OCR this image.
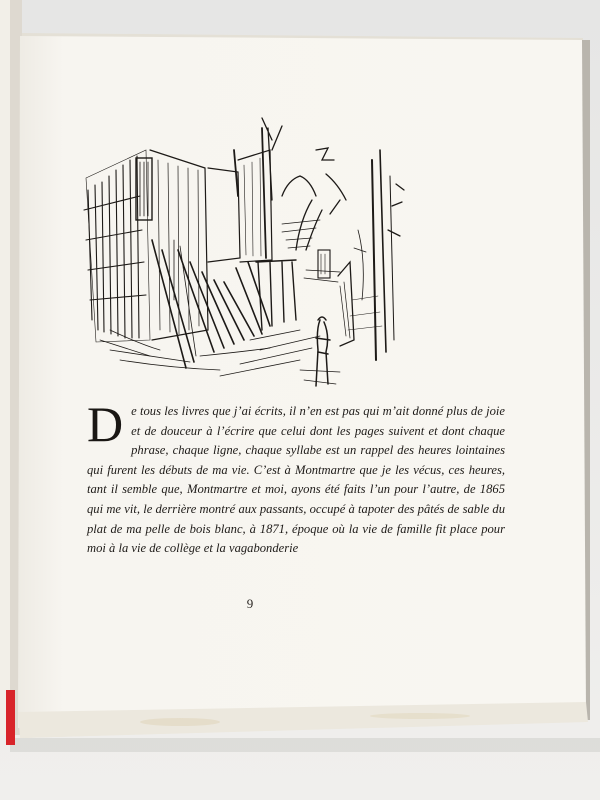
De tous les livres que j’ai écrits, il n’en est pas qui m’ait donné plus de joie et de douceur à l’écrire que celui dont les pages suivent et dont chaque phrase, chaque ligne, chaque syllabe est un rappel des heures lointaines qui furent les débuts de ma vie. C’est à Montmartre que je les vécus, ces heures, tant il semble que, Montmartre et moi, ayons été faits l’un pour l’autre, de 1865 qui me vit, le derrière montré aux passants, occupé à tapoter des pâtés de sable du plat de ma pelle de bois blanc, à 1871, époque où la vie de famille fit place pour moi à la vie de collège et la vagabonderie
9
